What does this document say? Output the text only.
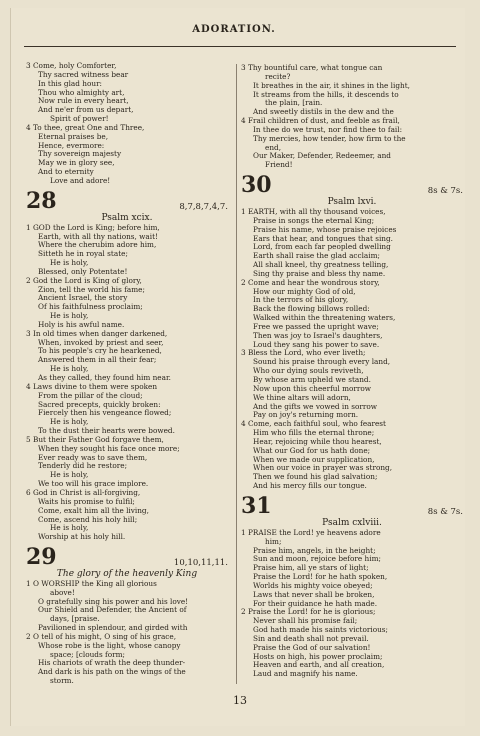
ADORATION.
3 Come, holy Comforter,
Thy sacred witness bear
In this glad hour:
Thou who almighty art,
Now rule in every heart,
And ne'er from us depart,
Spirit of power!
4 To thee, great One and Three,
Eternal praises be,
Hence, evermore:
Thy sovereign majesty
May we in glory see,
And to eternity
Love and adore!
28	8,7,8,7,4,7.
Psalm xcix.
1 GOD the Lord is King; before him,
Earth, with all thy nations, wait!
Where the cherubim adore him,
Sitteth he in royal state;
He is holy,
Blessed, only Potentate!
2 God the Lord is King of glory,
Zion, tell the world his fame;
Ancient Israel, the story
Of his faithfulness proclaim;
He is holy,
Holy is his awful name.
3 In old times when danger darkened,
When, invoked by priest and seer,
To his people's cry he hearkened,
Answered them in all their fear;
He is holy,
As they called, they found him near.
4 Laws divine to them were spoken
From the pillar of the cloud;
Sacred precepts, quickly broken:
Fiercely then his vengeance flowed;
He is holy,
To the dust their hearts were bowed.
5 But their Father God forgave them,
When they sought his face once more;
Ever ready was to save them,
Tenderly did he restore;
He is holy,
We too will his grace implore.
6 God in Christ is all-forgiving,
Waits his promise to fulfil;
Come, exalt him all the living,
Come, ascend his holy hill;
He is holy,
Worship at his holy hill.
29	10,10,11,11.
The glory of the heavenly King
1 O WORSHIP the King all glorious
above!
O gratefully sing his power and his love!
Our Shield and Defender, the Ancient of
days, [praise.
Pavilioned in splendour, and girded with
2 O tell of his might, O sing of his grace,
Whose robe is the light, whose canopy
space; [clouds form;
His chariots of wrath the deep thunder-
And dark is his path on the wings of the
storm.
3 Thy bountiful care, what tongue can
recite?
It breathes in the air, it shines in the light,
It streams from the hills, it descends to
the plain, [rain.
And sweetly distils in the dew and the
4 Frail children of dust, and feeble as frail,
In thee do we trust, nor find thee to fail:
Thy mercies, how tender, how firm to the
end,
Our Maker, Defender, Redeemer, and
Friend!
30	8s & 7s.
Psalm lxvi.
1 EARTH, with all thy thousand voices,
Praise in songs the eternal King;
Praise his name, whose praise rejoices
Ears that hear, and tongues that sing.
Lord, from each far peopled dwelling
Earth shall raise the glad acclaim;
All shall kneel, thy greatness telling,
Sing thy praise and bless thy name.
2 Come and hear the wondrous story,
How our mighty God of old,
In the terrors of his glory,
Back the flowing billows rolled:
Walked within the threatening waters,
Free we passed the upright wave;
Then was joy to Israel's daughters,
Loud they sang his power to save.
3 Bless the Lord, who ever liveth;
Sound his praise through every land,
Who our dying souls reviveth,
By whose arm upheld we stand.
Now upon this cheerful morrow
We thine altars will adorn,
And the gifts we vowed in sorrow
Pay on joy's returning morn.
4 Come, each faithful soul, who fearest
Him who fills the eternal throne;
Hear, rejoicing while thou hearest,
What our God for us hath done;
When we made our supplication,
When our voice in prayer was strong,
Then we found his glad salvation;
And his mercy fills our tongue.
31	8s & 7s.
Psalm cxlviii.
1 PRAISE the Lord! ye heavens adore
him;
Praise him, angels, in the height;
Sun and moon, rejoice before him;
Praise him, all ye stars of light;
Praise the Lord! for he hath spoken,
Worlds his mighty voice obeyed;
Laws that never shall be broken,
For their guidance he hath made.
2 Praise the Lord! for he is glorious;
Never shall his promise fail;
God hath made his saints victorious;
Sin and death shall not prevail.
Praise the God of our salvation!
Hosts on high, his power proclaim;
Heaven and earth, and all creation,
Laud and magnify his name.
13
